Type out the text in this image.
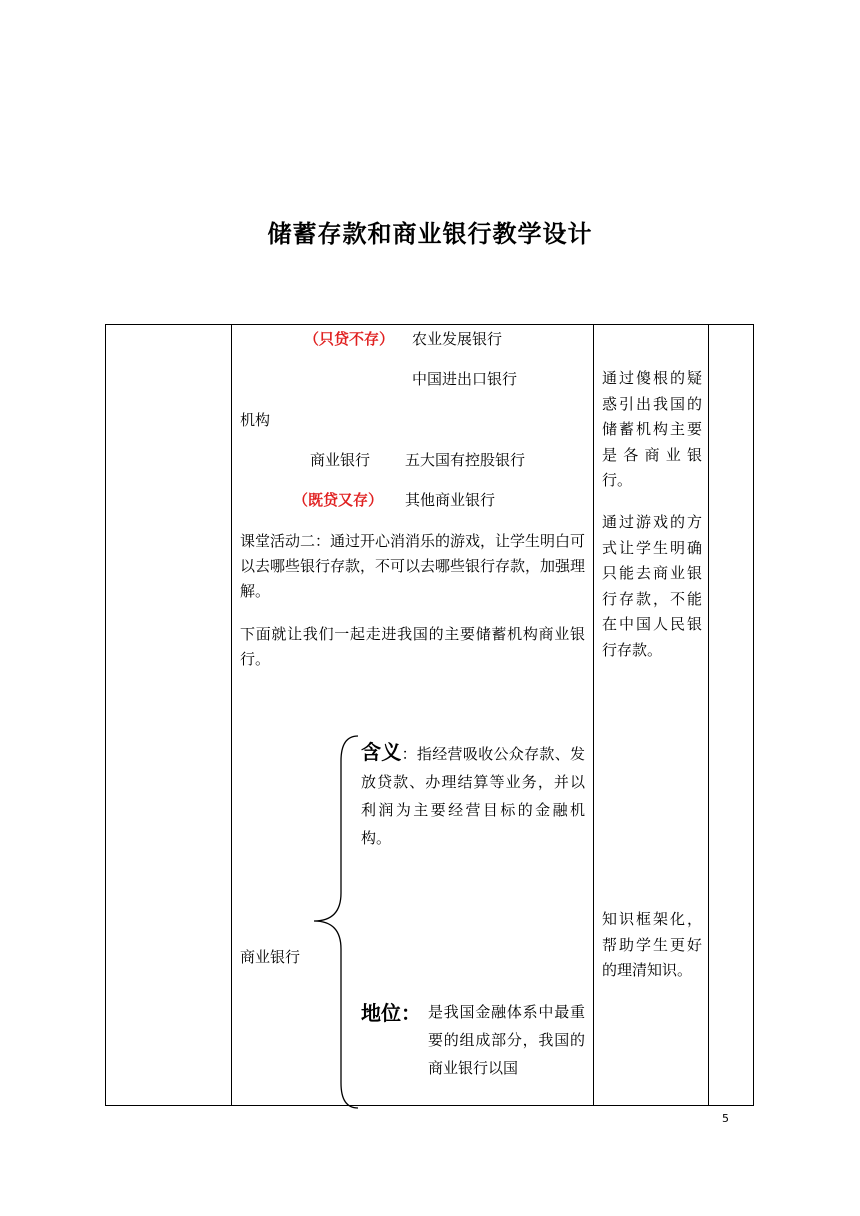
储蓄存款和商业银行教学设计
（只贷不存） 农业发展银行
中国进出口银行
机构
商业银行 五大国有控股银行
（既贷又存） 其他商业银行
课堂活动二：通过开心消消乐的游戏，让学生明白可以去哪些银行存款，不可以去哪些银行存款，加强理解。
下面就让我们一起走进我国的主要储蓄机构商业银行。
含义：指经营吸收公众存款、发放贷款、办理结算等业务，并以利润为主要经营目标的金融机构。
商业银行
地位： 是我国金融体系中最重要的组成部分，我国的商业银行以国
通过傻根的疑惑引出我国的储蓄机构主要是各商业银行。
通过游戏的方式让学生明确只能去商业银行存款，不能在中国人民银行存款。
知识框架化，帮助学生更好的理清知识。
5
